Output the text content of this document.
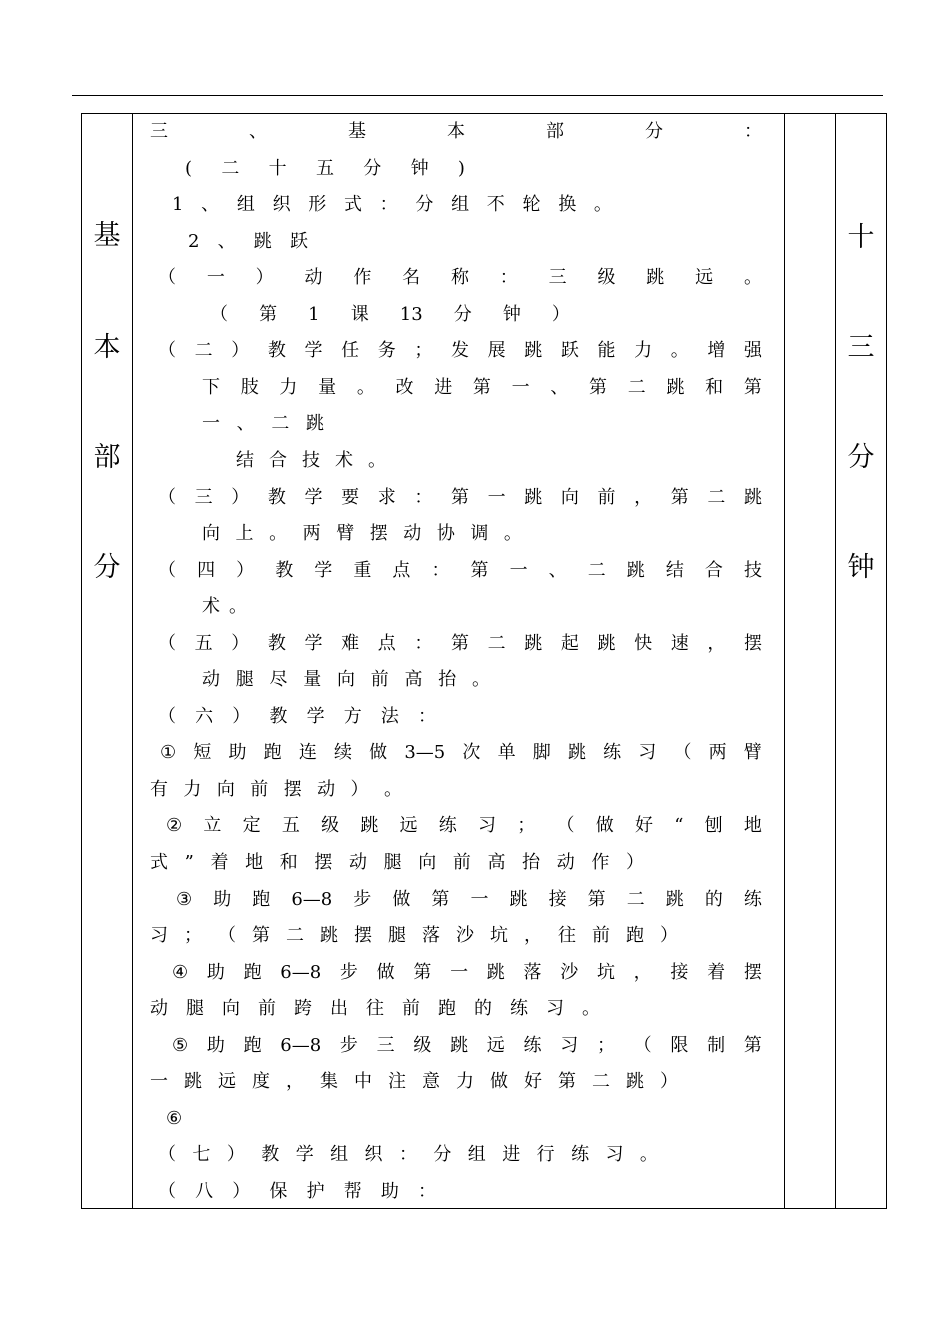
基
本
部
分
十
三
分
钟
三	、	基	本	部	分	：
( 二 十 五 分 钟 )
1 、 组 织 形 式 ： 分 组 不 轮 换 。
2 、 跳 跃
（ 一 ） 动 作 名 称 ： 三 级 跳 远 。
（ 第 1 课 13 分 钟 ）
（ 二 ） 教 学 任 务 ； 发 展 跳 跃 能 力 。 增 强
下 肢 力 量 。 改 进 第 一 、 第 二 跳 和 第
一 、 二 跳
结 合 技 术 。
（ 三 ） 教 学 要 求 ： 第 一 跳 向 前 ， 第 二 跳
向 上 。 两 臂 摆 动 协 调 。
（ 四 ） 教 学 重 点 ： 第 一 、 二 跳 结 合 技
术 。
（ 五 ） 教 学 难 点 ： 第 二 跳 起 跳 快 速 ， 摆
动 腿 尽 量 向 前 高 抬 。
（ 六 ） 教 学 方 法 ：
① 短 助 跑 连 续 做 3—5 次 单 脚 跳 练 习 （ 两 臂
有 力 向 前 摆 动 ） 。
② 立 定 五 级 跳 远 练 习 ； （ 做 好 “ 刨 地
式 ” 着 地 和 摆 动 腿 向 前 高 抬 动 作 ）
③ 助 跑 6—8 步 做 第 一 跳 接 第 二 跳 的 练
习 ； （ 第 二 跳 摆 腿 落 沙 坑 ， 往 前 跑 ）
④ 助 跑 6—8 步 做 第 一 跳 落 沙 坑 ， 接 着 摆
动 腿 向 前 跨 出 往 前 跑 的 练 习 。
⑤ 助 跑 6—8 步 三 级 跳 远 练 习 ； （ 限 制 第
一 跳 远 度 ， 集 中 注 意 力 做 好 第 二 跳 ）
⑥
（ 七 ） 教 学 组 织 ： 分 组 进 行 练 习 。
（ 八 ） 保 护 帮 助 ：
